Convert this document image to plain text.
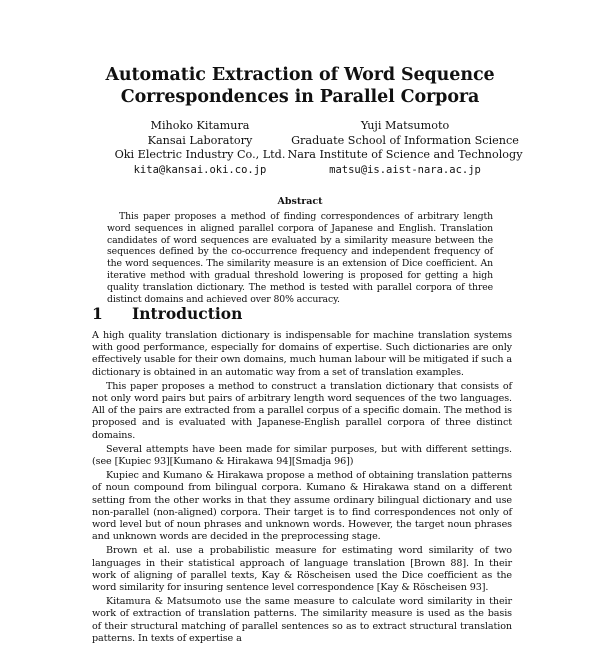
Automatic Extraction of Word Sequence
Correspondences in Parallel Corpora
Mihoko Kitamura
Kansai Laboratory
Oki Electric Industry Co., Ltd.
kita@kansai.oki.co.jp
Yuji Matsumoto
Graduate School of Information Science
Nara Institute of Science and Technology
matsu@is.aist-nara.ac.jp
Abstract
This paper proposes a method of finding correspondences of arbitrary length word sequences in aligned parallel corpora of Japanese and English. Translation candidates of word sequences are evaluated by a similarity measure between the sequences defined by the co-occurrence frequency and independent frequency of the word sequences. The similarity measure is an extension of Dice coefficient. An iterative method with gradual threshold lowering is proposed for getting a high quality translation dictionary. The method is tested with parallel corpora of three distinct domains and achieved over 80% accuracy.
1 Introduction

A high quality translation dictionary is indispensable for machine translation systems with good performance, especially for domains of expertise. Such dictionaries are only effectively usable for their own domains, much human labour will be mitigated if such a dictionary is obtained in an automatic way from a set of translation examples.

This paper proposes a method to construct a translation dictionary that consists of not only word pairs but pairs of arbitrary length word sequences of the two languages. All of the pairs are extracted from a parallel corpus of a specific domain. The method is proposed and is evaluated with Japanese-English parallel corpora of three distinct domains.

Several attempts have been made for similar purposes, but with different settings. (see [Kupiec 93][Kumano & Hirakawa 94][Smadja 96])

Kupiec and Kumano & Hirakawa propose a method of obtaining translation patterns of noun compound from bilingual corpora. Kumano & Hirakawa stand on a different setting from the other works in that they assume ordinary bilingual dictionary and use non-parallel (non-aligned) corpora. Their target is to find correspondences not only of word level but of noun phrases and unknown words. However, the target noun phrases and unknown words are decided in the preprocessing stage.

Brown et al. use a probabilistic measure for estimating word similarity of two languages in their statistical approach of language translation [Brown 88]. In their work of aligning of parallel texts, Kay & Röscheisen used the Dice coefficient as the word similarity for insuring sentence level correspondence [Kay & Röscheisen 93].

Kitamura & Matsumoto use the same measure to calculate word similarity in their work of extraction of translation patterns. The similarity measure is used as the basis of their structural matching of parallel sentences so as to extract structural translation patterns. In texts of expertise a
